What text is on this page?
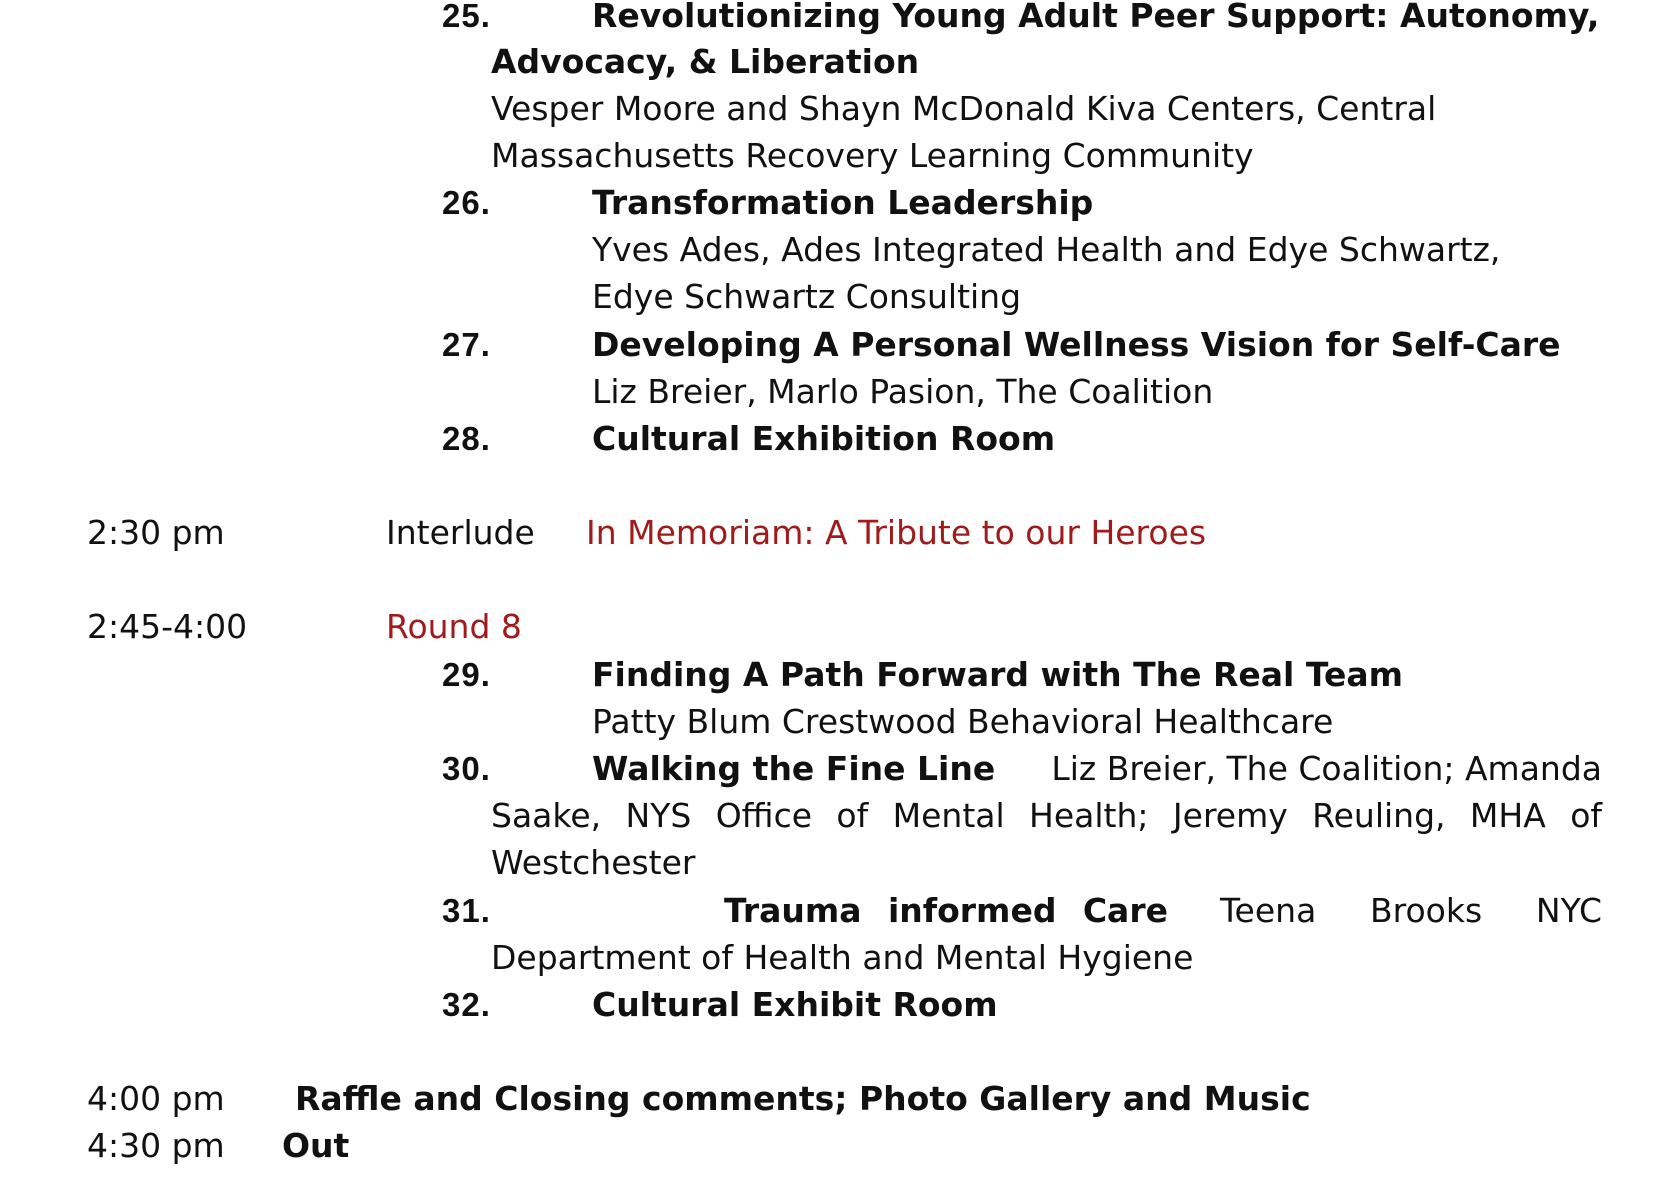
25.	Revolutionizing Young Adult Peer Support: Autonomy,
Advocacy, & Liberation
Vesper Moore and Shayn McDonald Kiva Centers, Central
Massachusetts Recovery Learning Community
26.	Transformation Leadership
Yves Ades, Ades Integrated Health and Edye Schwartz,
Edye Schwartz Consulting
27.	Developing A Personal Wellness Vision for Self-Care
Liz Breier, Marlo Pasion, The Coalition
28.	Cultural Exhibition Room
2:30 pm	Interlude In Memoriam: A Tribute to our Heroes
2:45-4:00	Round 8
29.	Finding A Path Forward with The Real Team
Patty Blum Crestwood Behavioral Healthcare
30.	Walking the Fine Line	Liz Breier, The Coalition; Amanda
Saake, NYS Office of Mental Health; Jeremy Reuling, MHA of
Westchester
31.	Trauma informed Care Teena Brooks NYC
Department of Health and Mental Hygiene
32.	Cultural Exhibit Room
4:00 pm Raffle and Closing comments; Photo Gallery and Music
4:30 pm Out
